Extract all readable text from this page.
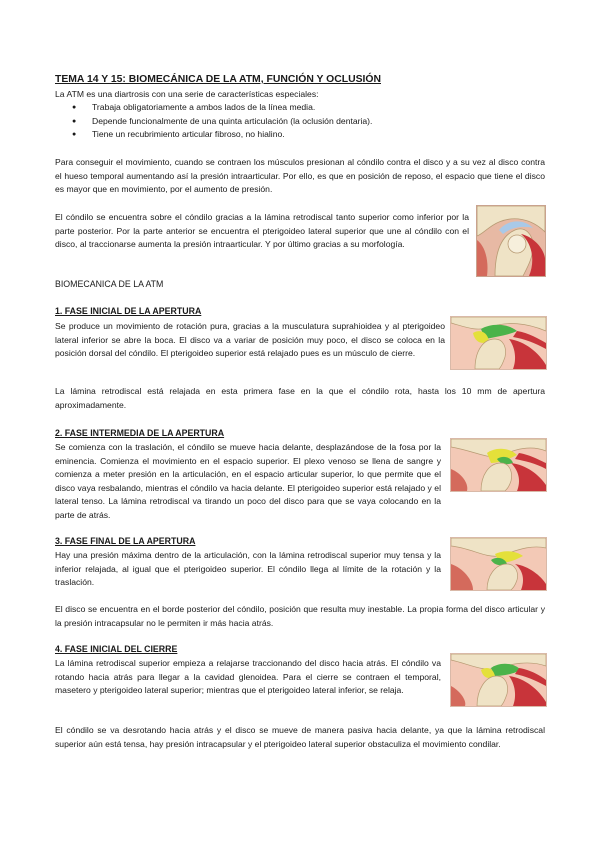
TEMA 14 Y 15: BIOMECÁNICA DE LA ATM, FUNCIÓN Y OCLUSIÓN

La ATM es una diartrosis con una serie de características especiales:

● Trabaja obligatoriamente a ambos lados de la línea media.
● Depende funcionalmente de una quinta articulación (la oclusión dentaria).
● Tiene un recubrimiento articular fibroso, no hialino.

Para conseguir el movimiento, cuando se contraen los músculos presionan al cóndilo contra el disco y a su vez al disco contra el hueso temporal aumentando así la presión intraarticular. Por ello, es que en posición de reposo, el espacio que tiene el disco es mayor que en movimiento, por el aumento de presión.

El cóndilo se encuentra sobre el cóndilo gracias a la lámina retrodiscal tanto superior como inferior por la parte posterior. Por la parte anterior se encuentra el pterigoideo lateral superior que une al cóndilo con el disco, al traccionarse aumenta la presión intraarticular. Y por último gracias a su morfología.

BIOMECANICA DE LA ATM

1. FASE INICIAL DE LA APERTURA

Se produce un movimiento de rotación pura, gracias a la musculatura suprahioidea y al pterigoideo lateral inferior se abre la boca. El disco va a variar de posición muy poco, el disco se coloca en la posición dorsal del cóndilo. El pterigoideo superior está relajado pues es un músculo de cierre.

La lámina retrodiscal está relajada en esta primera fase en la que el cóndilo rota, hasta los 10 mm de apertura aproximadamente.

2. FASE INTERMEDIA DE LA APERTURA

Se comienza con la traslación, el cóndilo se mueve hacia delante, desplazándose de la fosa por la eminencia. Comienza el movimiento en el espacio superior. El plexo venoso se llena de sangre y comienza a meter presión en la articulación, en el espacio articular superior, lo que permite que el disco vaya resbalando, mientras el cóndilo va hacia delante. El pterigoideo superior está relajado y el lateral tenso. La lámina retrodiscal va tirando un poco del disco para que se vaya colocando en la parte de atrás.

3. FASE FINAL DE LA APERTURA

Hay una presión máxima dentro de la articulación, con la lámina retrodiscal superior muy tensa y la inferior relajada, al igual que el pterigoideo superior. El cóndilo llega al límite de la rotación y la traslación.

El disco se encuentra en el borde posterior del cóndilo, posición que resulta muy inestable. La propia forma del disco articular y la presión intracapsular no le permiten ir más hacia atrás.

4. FASE INICIAL DEL CIERRE

La lámina retrodiscal superior empieza a relajarse traccionando del disco hacia atrás. El cóndilo va rotando hacia atrás para llegar a la cavidad glenoidea. Para el cierre se contraen el temporal, masetero y pterigoideo lateral superior; mientras que el pterigoideo lateral inferior, se relaja.

El cóndilo se va desrotando hacia atrás y el disco se mueve de manera pasiva hacia delante, ya que la lámina retrodiscal superior aún está tensa, hay presión intracapsular y el pterigoideo lateral superior obstaculiza el movimiento condilar.
